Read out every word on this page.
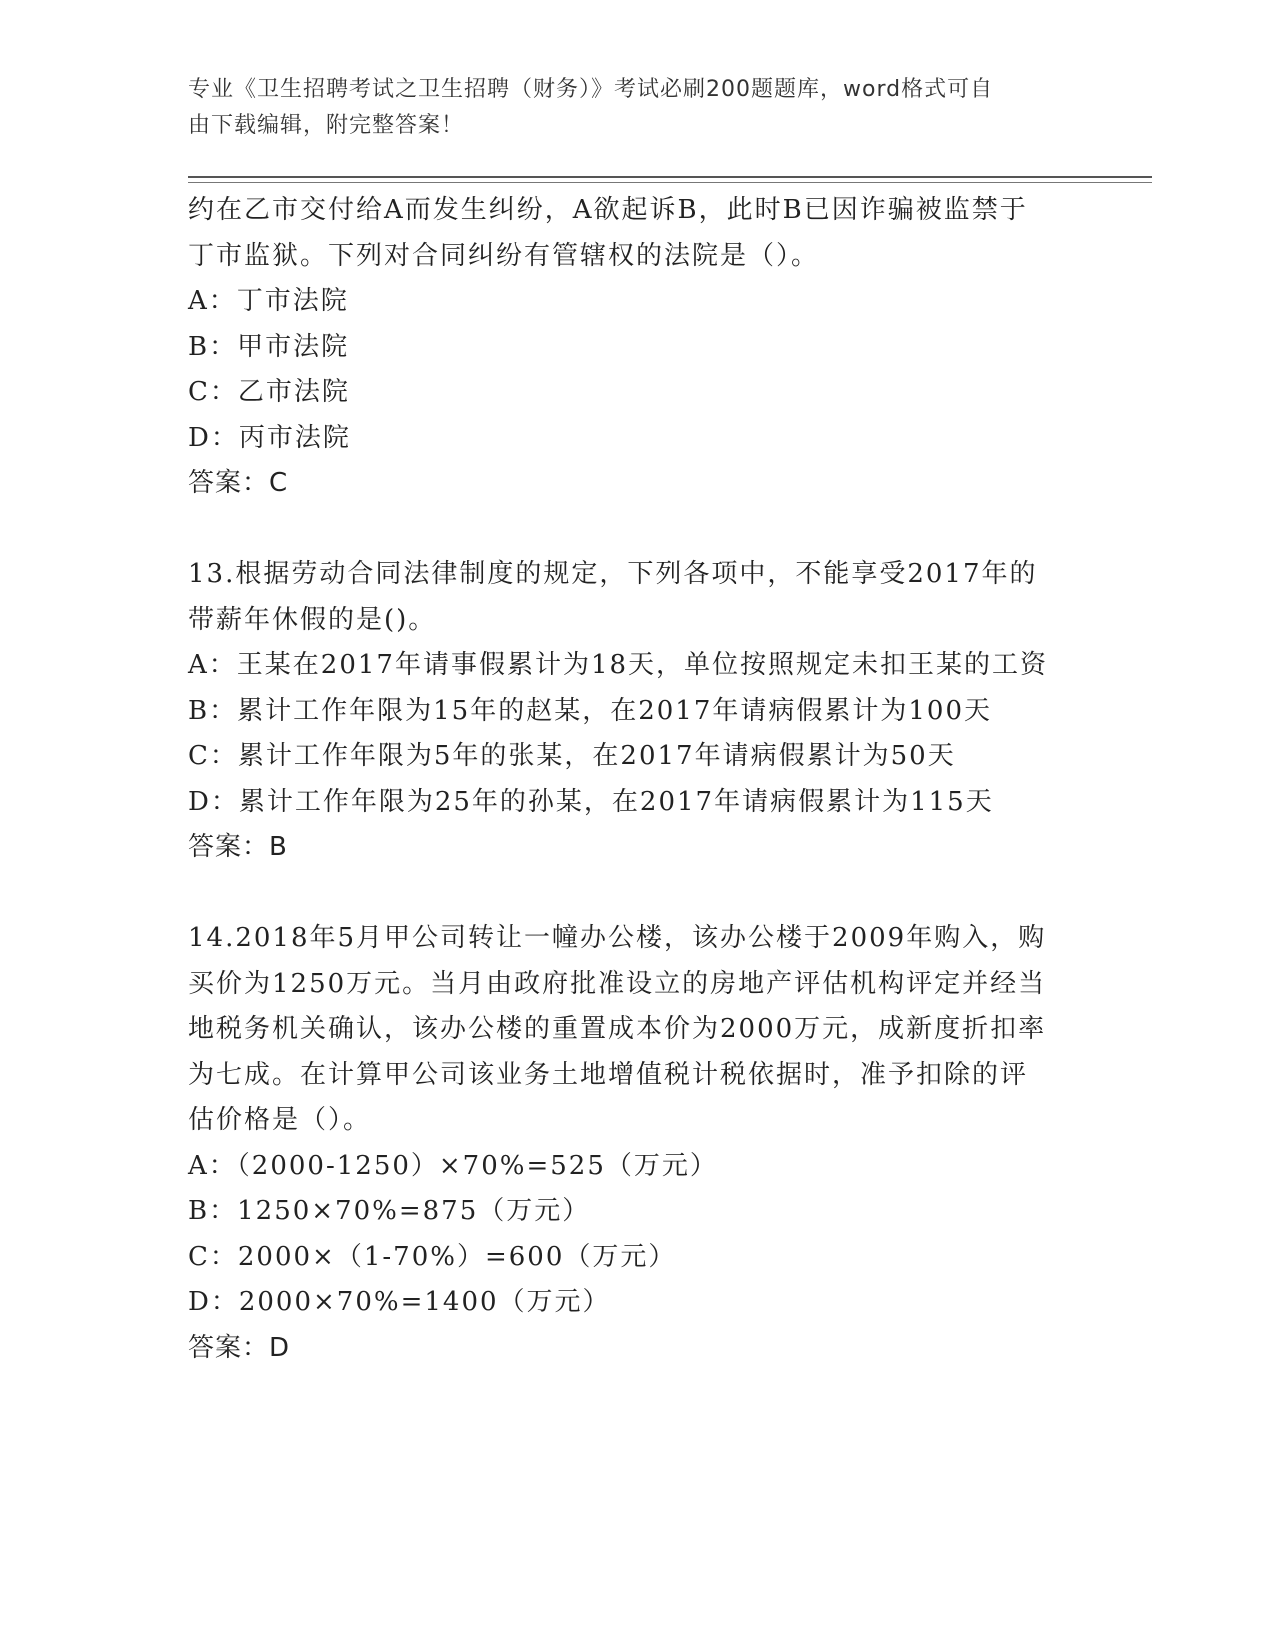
专业《卫生招聘考试之卫生招聘（财务）》考试必刷200题题库，word格式可自
由下载编辑，附完整答案！
约在乙市交付给A而发生纠纷，A欲起诉B，此时B已因诈骗被监禁于
丁市监狱。下列对合同纠纷有管辖权的法院是（）。
A：丁市法院
B：甲市法院
C：乙市法院
D：丙市法院
答案：C
13.根据劳动合同法律制度的规定，下列各项中，不能享受2017年的
带薪年休假的是()。
A：王某在2017年请事假累计为18天，单位按照规定未扣王某的工资
B：累计工作年限为15年的赵某，在2017年请病假累计为100天
C：累计工作年限为5年的张某，在2017年请病假累计为50天
D：累计工作年限为25年的孙某，在2017年请病假累计为115天
答案：B
14.2018年5月甲公司转让一幢办公楼，该办公楼于2009年购入，购
买价为1250万元。当月由政府批准设立的房地产评估机构评定并经当
地税务机关确认，该办公楼的重置成本价为2000万元，成新度折扣率
为七成。在计算甲公司该业务土地增值税计税依据时，准予扣除的评
估价格是（）。
A：（2000-1250）×70%=525（万元）
B：1250×70%=875（万元）
C：2000×（1-70%）=600（万元）
D：2000×70%=1400（万元）
答案：D
